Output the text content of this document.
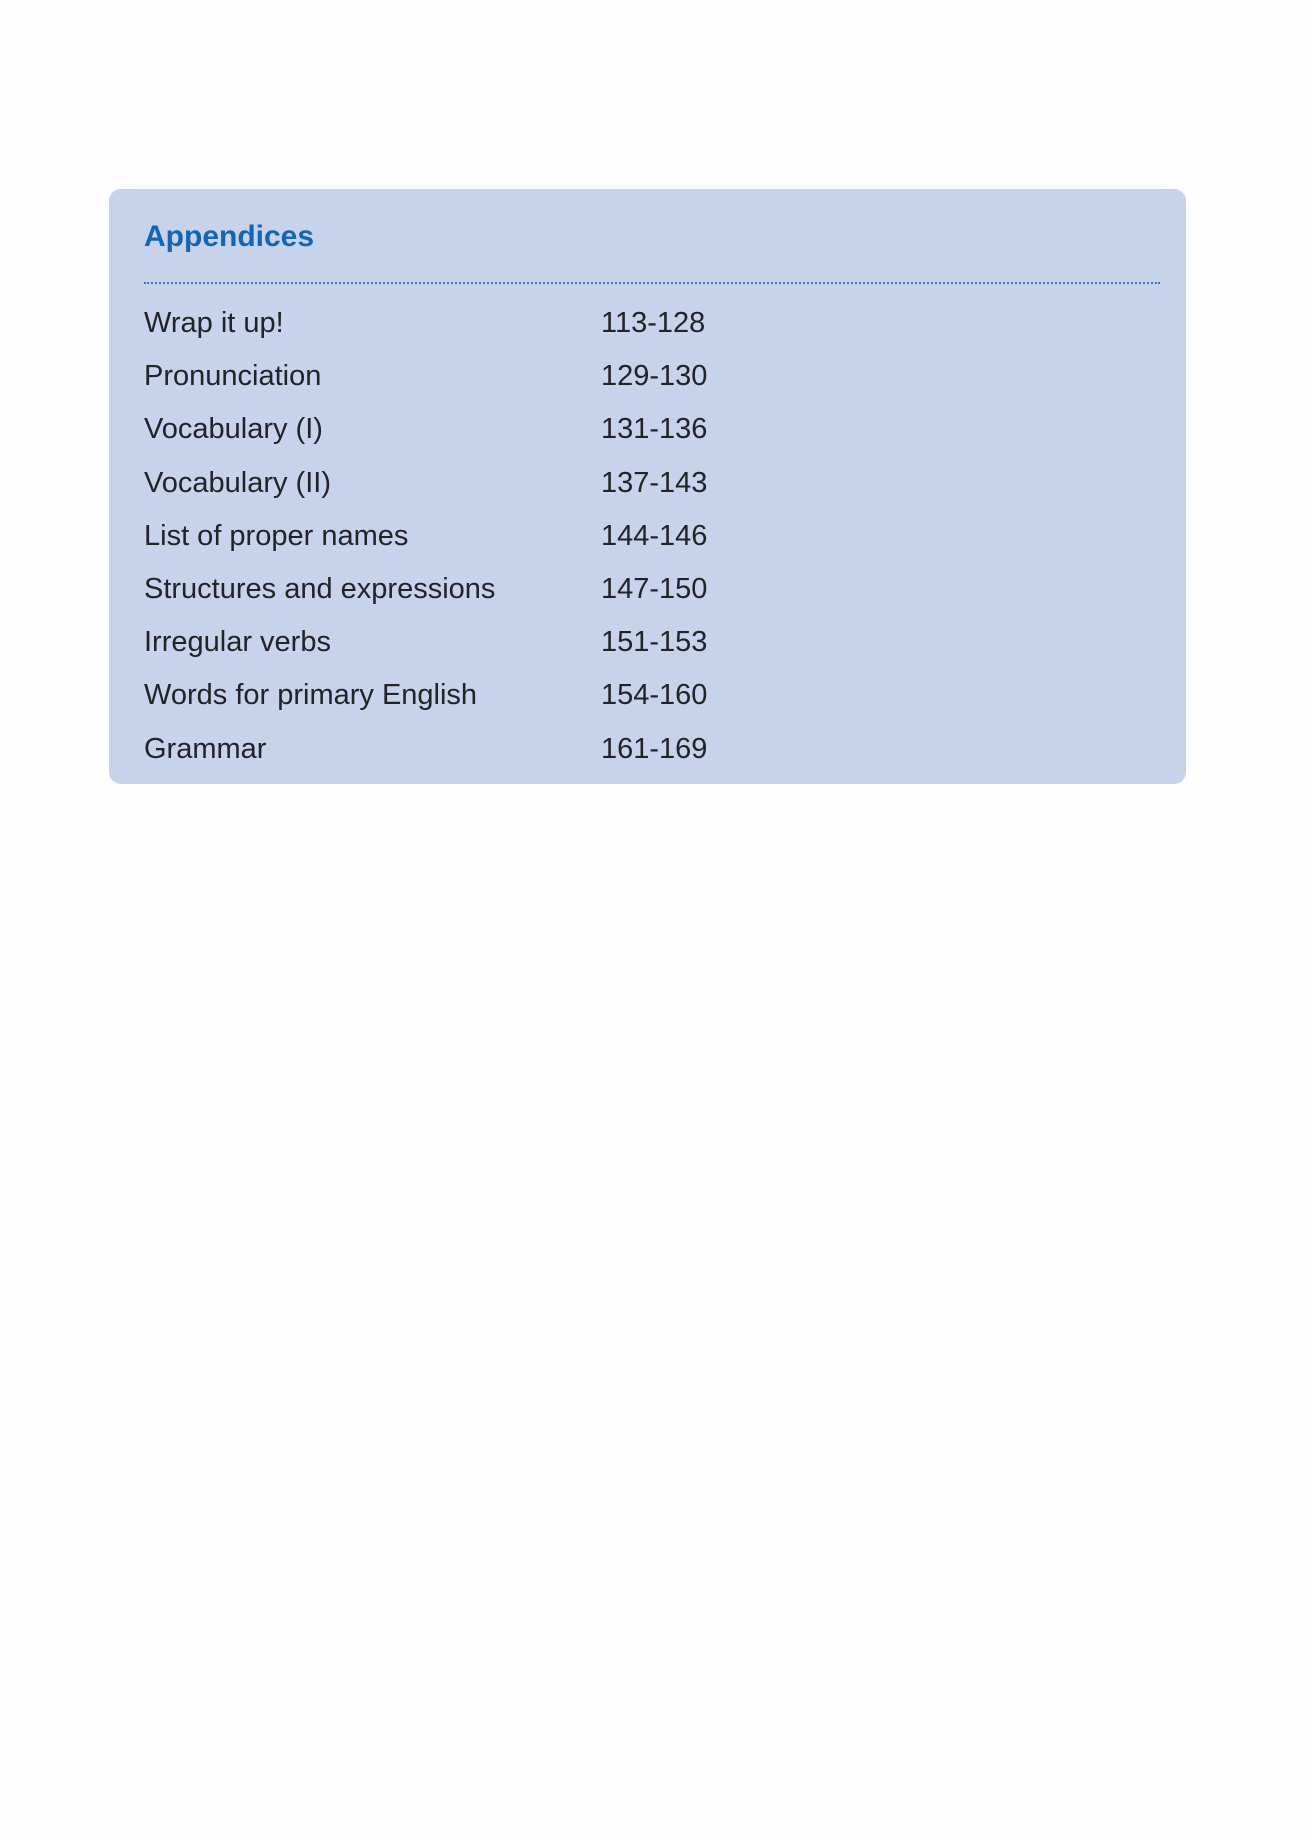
Appendices
Wrap it up!	113-128
Pronunciation	129-130
Vocabulary (I)	131-136
Vocabulary (II)	137-143
List of proper names	144-146
Structures and expressions	147-150
Irregular verbs	151-153
Words for primary English	154-160
Grammar	161-169
